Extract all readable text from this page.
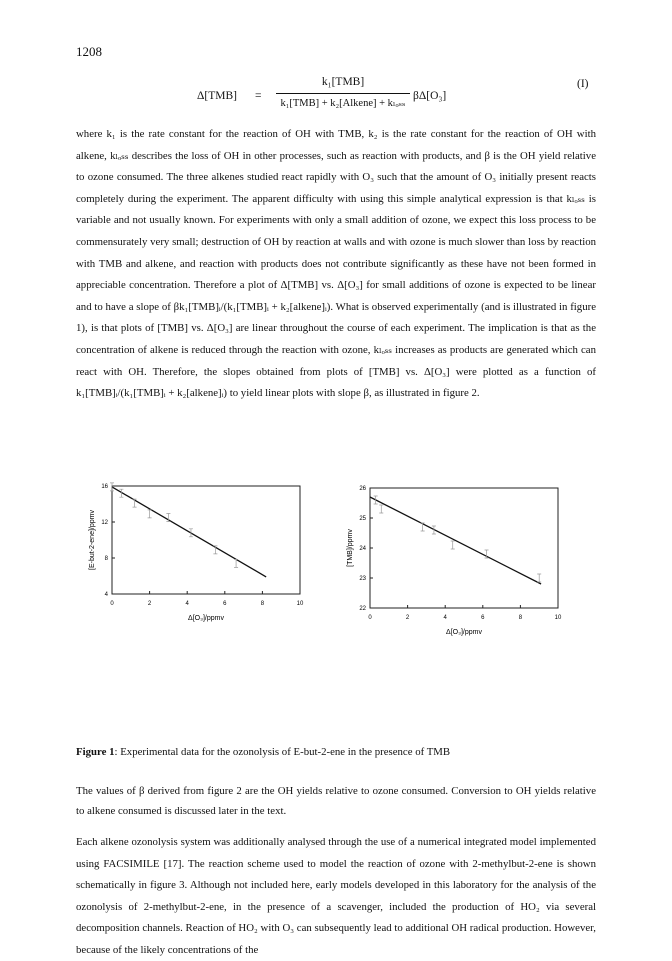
1208
Δ[TMB] =
k₁[TMB]
k₁[TMB] + k₂[Alkene] + kₗₒₛₛ
βΔ[O₃]
(I)

where k₁ is the rate constant for the reaction of OH with TMB, k₂ is the rate constant for the reaction of OH with alkene, kₗₒₛₛ describes the loss of OH in other processes, such as reaction with products, and β is the OH yield relative to ozone consumed. The three alkenes studied react rapidly with O₃ such that the amount of O₃ initially present reacts completely during the experiment. The apparent difficulty with using this simple analytical expression is that kₗₒₛₛ is variable and not usually known. For experiments with only a small addition of ozone, we expect this loss process to be commensurately very small; destruction of OH by reaction at walls and with ozone is much slower than loss by reaction with TMB and alkene, and reaction with products does not contribute significantly as these have not been formed in appreciable concentration. Therefore a plot of Δ[TMB] vs. Δ[O₃] for small additions of ozone is expected to be linear and to have a slope of βk₁[TMB]ᵢ/(k₁[TMB]ᵢ + k₂[alkene]ᵢ). What is observed experimentally (and is illustrated in figure 1), is that plots of [TMB] vs. Δ[O₃] are linear throughout the course of each experiment. The implication is that as the concentration of alkene is reduced through the reaction with ozone, kₗₒₛₛ increases as products are generated which can react with OH. Therefore, the slopes obtained from plots of [TMB] vs. Δ[O₃] were plotted as a function of k₁[TMB]ᵢ/(k₁[TMB]ᵢ + k₂[alkene]ᵢ) to yield linear plots with slope β, as illustrated in figure 2.

0	2	4	6	8	10
4
8
12
16
Δ[O₃]/ppmv
[E-but-2-ene]/ppmv
0	2	4	6	8	10
22
23
24
25
26
Δ[O₃]/ppmv
[TMB]/ppmv
Figure 1: Experimental data for the ozonolysis of E-but-2-ene in the presence of TMB

The values of β derived from figure 2 are the OH yields relative to ozone consumed. Conversion to OH yields relative to alkene consumed is discussed later in the text.

Each alkene ozonolysis system was additionally analysed through the use of a numerical integrated model implemented using FACSIMILE [17]. The reaction scheme used to model the reaction of ozone with 2-methylbut-2-ene is shown schematically in figure 3. Although not included here, early models developed in this laboratory for the analysis of the ozonolysis of 2-methylbut-2-ene, in the presence of a scavenger, included the production of HO₂ via several decomposition channels. Reaction of HO₂ with O₃ can subsequently lead to additional OH radical production. However, because of the likely concentrations of the
